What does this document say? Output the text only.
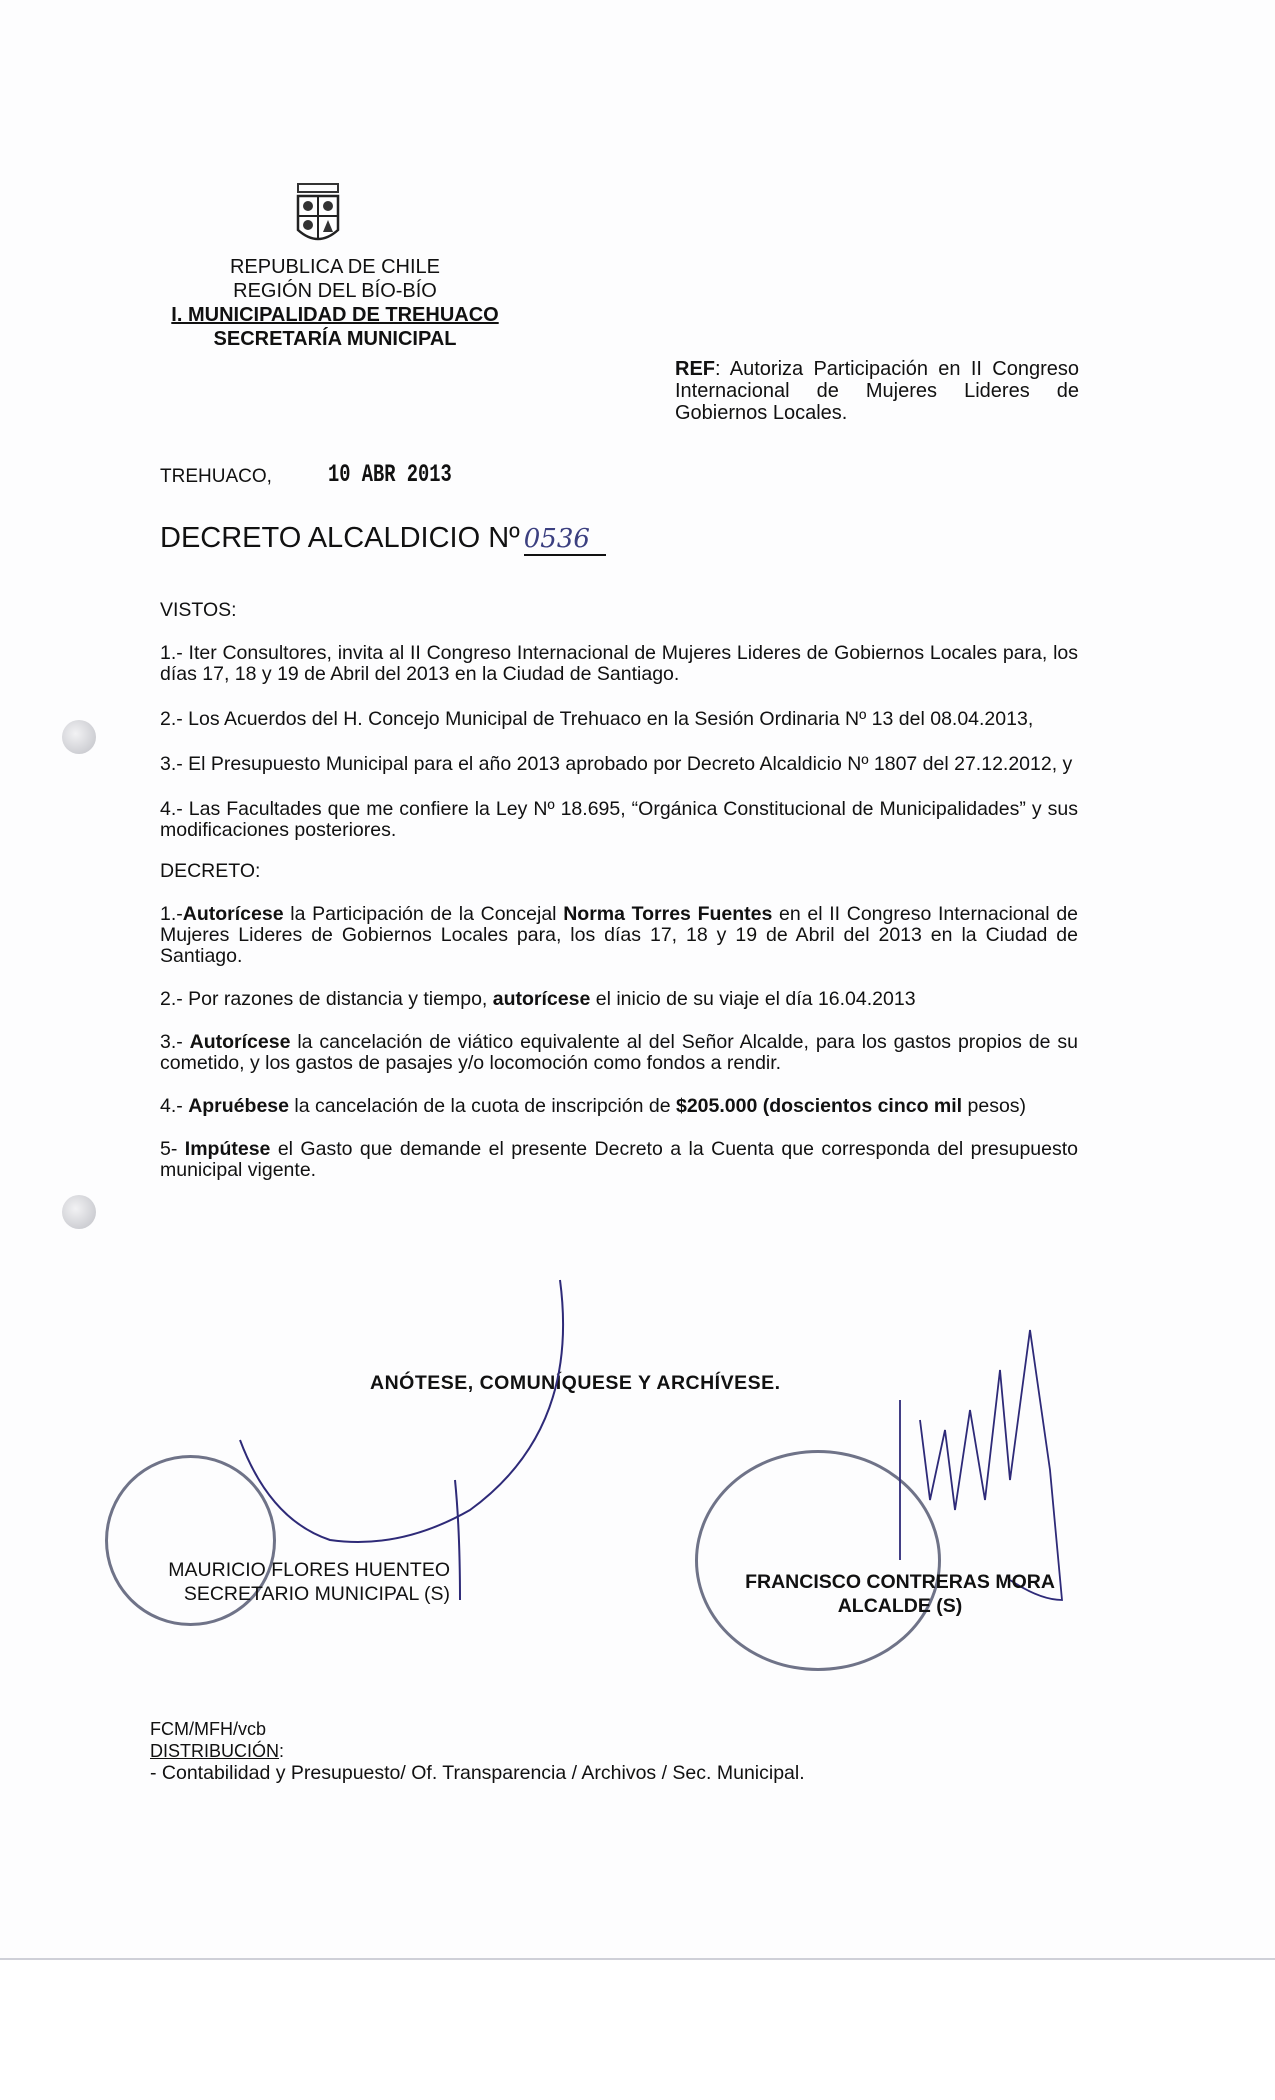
REPUBLICA DE CHILE
REGIÓN DEL BÍO-BÍO
I. MUNICIPALIDAD DE TREHUACO
SECRETARÍA MUNICIPAL
REF: Autoriza Participación en II Congreso Internacional de Mujeres Lideres de Gobiernos Locales.
TREHUACO, 10 ABR 2013
DECRETO ALCALDICIO Nº 0536
VISTOS:
1.- Iter Consultores, invita al II Congreso Internacional de Mujeres Lideres de Gobiernos Locales para, los días 17, 18 y 19 de Abril del 2013 en la Ciudad de Santiago.
2.- Los Acuerdos del H. Concejo Municipal de Trehuaco en la Sesión Ordinaria Nº 13 del 08.04.2013,
3.- El Presupuesto Municipal para el año 2013 aprobado por Decreto Alcaldicio Nº 1807 del 27.12.2012, y
4.- Las Facultades que me confiere la Ley Nº 18.695, “Orgánica Constitucional de Municipalidades” y sus modificaciones posteriores.
DECRETO:
1.-Autorícese la Participación de la Concejal Norma Torres Fuentes en el II Congreso Internacional de Mujeres Lideres de Gobiernos Locales para, los días 17, 18 y 19 de Abril del 2013 en la Ciudad de Santiago.
2.- Por razones de distancia y tiempo, autorícese el inicio de su viaje el día 16.04.2013
3.- Autorícese la cancelación de viático equivalente al del Señor Alcalde, para los gastos propios de su cometido, y los gastos de pasajes y/o locomoción como fondos a rendir.
4.- Apruébese la cancelación de la cuota de inscripción de $205.000 (doscientos cinco mil pesos)
5- Impútese el Gasto que demande el presente Decreto a la Cuenta que corresponda del presupuesto municipal vigente.
ANÓTESE, COMUNÍQUESE Y ARCHÍVESE.
MAURICIO FLORES HUENTEO
SECRETARIO MUNICIPAL (S)
FRANCISCO CONTRERAS MORA
ALCALDE (S)
FCM/MFH/vcb
DISTRIBUCIÓN:
- Contabilidad y Presupuesto/ Of. Transparencia / Archivos / Sec. Municipal.
